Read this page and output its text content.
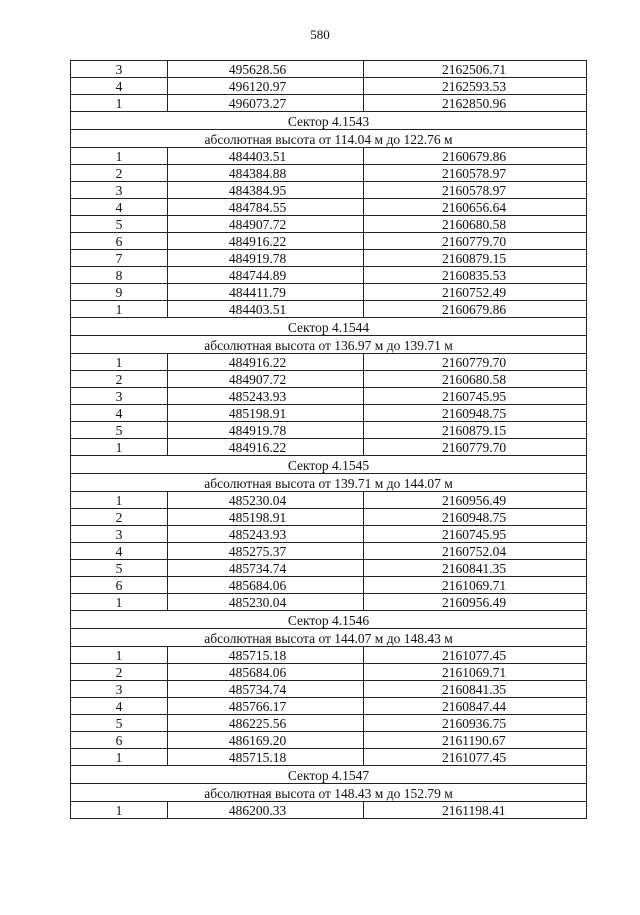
580
3	495628.56	2162506.71
4	496120.97	2162593.53
1	496073.27	2162850.96
Сектор 4.1543		
абсолютная высота от 114.04 м до 122.76 м		
1	484403.51	2160679.86
2	484384.88	2160578.97
3	484384.95	2160578.97
4	484784.55	2160656.64
5	484907.72	2160680.58
6	484916.22	2160779.70
7	484919.78	2160879.15
8	484744.89	2160835.53
9	484411.79	2160752.49
1	484403.51	2160679.86
Сектор 4.1544		
абсолютная высота от 136.97 м до 139.71 м		
1	484916.22	2160779.70
2	484907.72	2160680.58
3	485243.93	2160745.95
4	485198.91	2160948.75
5	484919.78	2160879.15
1	484916.22	2160779.70
Сектор 4.1545		
абсолютная высота от 139.71 м до 144.07 м		
1	485230.04	2160956.49
2	485198.91	2160948.75
3	485243.93	2160745.95
4	485275.37	2160752.04
5	485734.74	2160841.35
6	485684.06	2161069.71
1	485230.04	2160956.49
Сектор 4.1546		
абсолютная высота от 144.07 м до 148.43 м		
1	485715.18	2161077.45
2	485684.06	2161069.71
3	485734.74	2160841.35
4	485766.17	2160847.44
5	486225.56	2160936.75
6	486169.20	2161190.67
1	485715.18	2161077.45
Сектор 4.1547		
абсолютная высота от 148.43 м до 152.79 м		
1	486200.33	2161198.41
